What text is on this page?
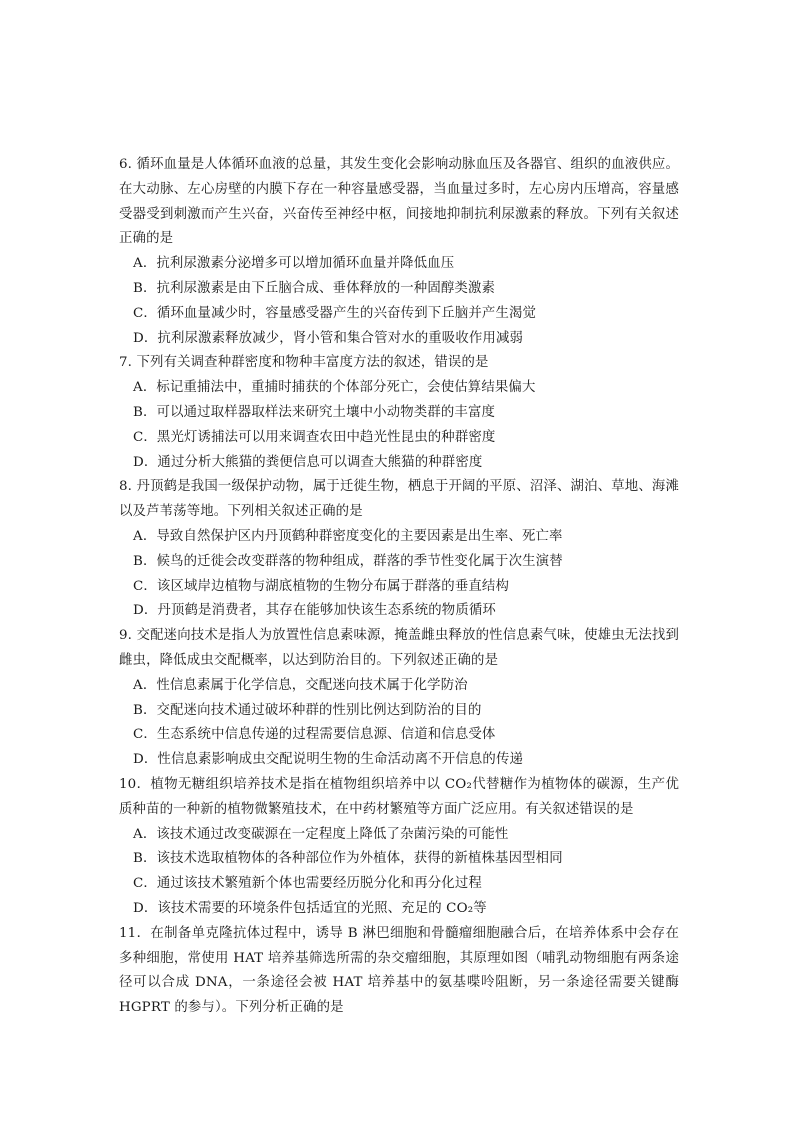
6. 循环血量是人体循环血液的总量，其发生变化会影响动脉血压及各器官、组织的血液供应。在大动脉、左心房壁的内膜下存在一种容量感受器，当血量过多时，左心房内压增高，容量感受器受到刺激而产生兴奋，兴奋传至神经中枢，间接地抑制抗利尿激素的释放。下列有关叙述正确的是

A．抗利尿激素分泌增多可以增加循环血量并降低血压
B．抗利尿激素是由下丘脑合成、垂体释放的一种固醇类激素
C．循环血量减少时，容量感受器产生的兴奋传到下丘脑并产生渴觉
D．抗利尿激素释放减少，肾小管和集合管对水的重吸收作用减弱

7. 下列有关调查种群密度和物种丰富度方法的叙述，错误的是

A．标记重捕法中，重捕时捕获的个体部分死亡，会使估算结果偏大
B．可以通过取样器取样法来研究土壤中小动物类群的丰富度
C．黑光灯诱捕法可以用来调查农田中趋光性昆虫的种群密度
D．通过分析大熊猫的粪便信息可以调查大熊猫的种群密度

8. 丹顶鹤是我国一级保护动物，属于迁徙生物，栖息于开阔的平原、沼泽、湖泊、草地、海滩以及芦苇荡等地。下列相关叙述正确的是

A．导致自然保护区内丹顶鹤种群密度变化的主要因素是出生率、死亡率
B．候鸟的迁徙会改变群落的物种组成，群落的季节性变化属于次生演替
C．该区域岸边植物与湖底植物的生物分布属于群落的垂直结构
D．丹顶鹤是消费者，其存在能够加快该生态系统的物质循环

9. 交配迷向技术是指人为放置性信息素味源，掩盖雌虫释放的性信息素气味，使雄虫无法找到雌虫，降低成虫交配概率，以达到防治目的。下列叙述正确的是

A．性信息素属于化学信息，交配迷向技术属于化学防治
B．交配迷向技术通过破坏种群的性别比例达到防治的目的
C．生态系统中信息传递的过程需要信息源、信道和信息受体
D．性信息素影响成虫交配说明生物的生命活动离不开信息的传递

10．植物无糖组织培养技术是指在植物组织培养中以 CO₂代替糖作为植物体的碳源，生产优质种苗的一种新的植物微繁殖技术，在中药材繁殖等方面广泛应用。有关叙述错误的是

A．该技术通过改变碳源在一定程度上降低了杂菌污染的可能性
B．该技术选取植物体的各种部位作为外植体，获得的新植株基因型相同
C．通过该技术繁殖新个体也需要经历脱分化和再分化过程
D．该技术需要的环境条件包括适宜的光照、充足的 CO₂等

11．在制备单克隆抗体过程中，诱导 B 淋巴细胞和骨髓瘤细胞融合后，在培养体系中会存在多种细胞，常使用 HAT 培养基筛选所需的杂交瘤细胞，其原理如图（哺乳动物细胞有两条途径可以合成 DNA，一条途径会被 HAT 培养基中的氨基喋呤阻断，另一条途径需要关键酶 HGPRT 的参与）。下列分析正确的是
